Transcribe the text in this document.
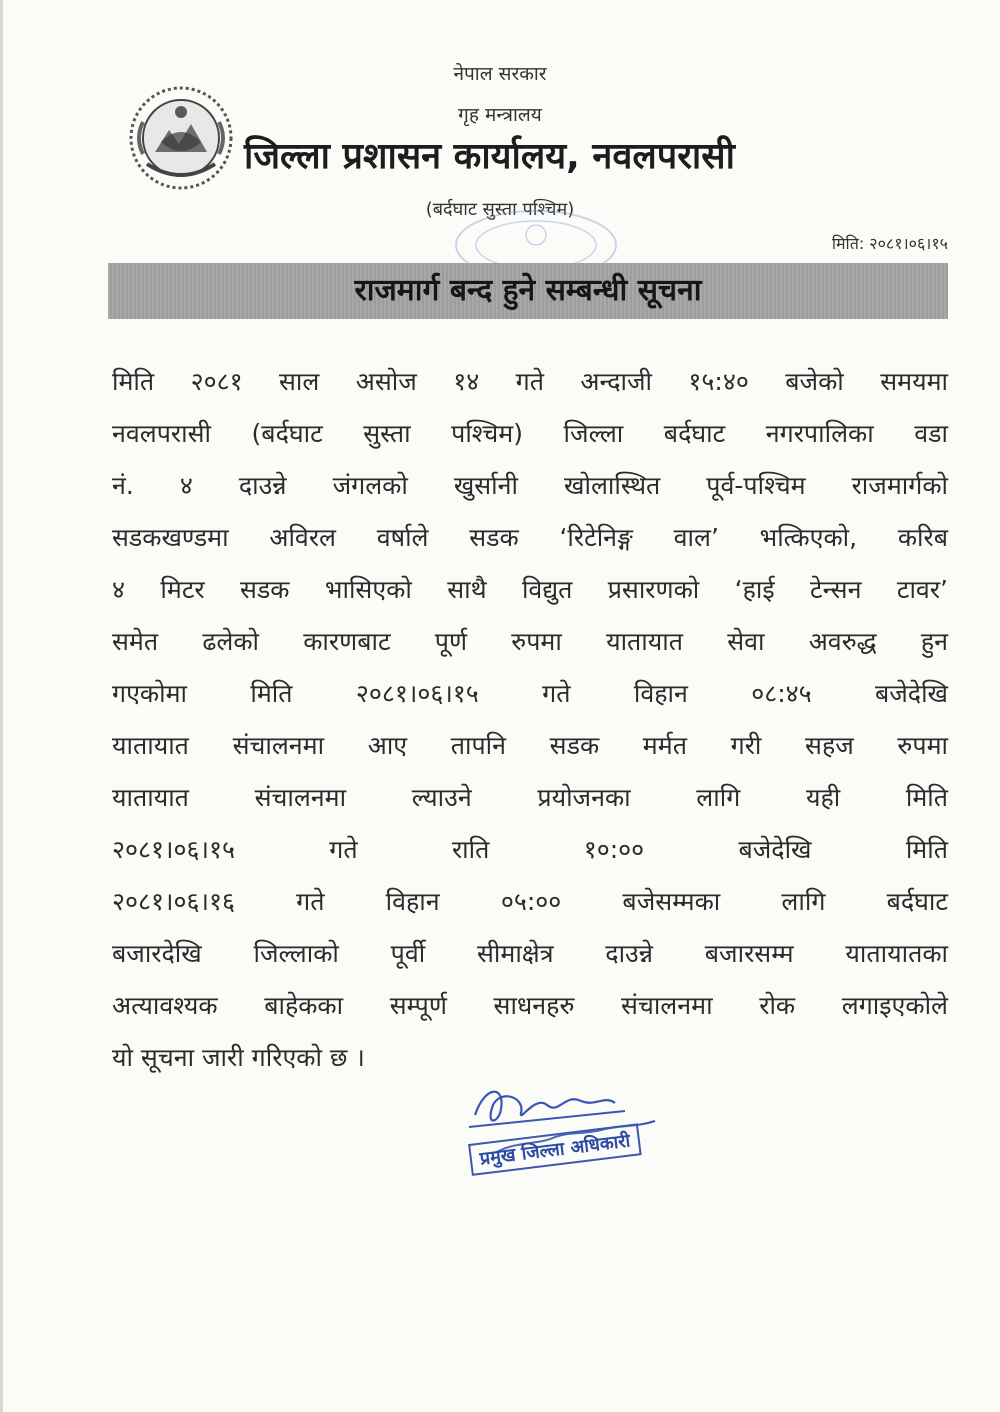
नेपाल सरकार
गृह मन्त्रालय
जिल्ला प्रशासन कार्यालय, नवलपरासी
(बर्दघाट सुस्ता पश्चिम)
मिति: २०८१।०६।१५
राजमार्ग बन्द हुने सम्बन्धी सूचना
मिति २०८१ साल असोज १४ गते अन्दाजी १५:४० बजेको समयमा
नवलपरासी (बर्दघाट सुस्ता पश्चिम) जिल्ला बर्दघाट नगरपालिका वडा
नं. ४ दाउन्ने जंगलको खुर्सानी खोलास्थित पूर्व-पश्चिम राजमार्गको
सडकखण्डमा अविरल वर्षाले सडक ‘रिटेनिङ्ग वाल’ भत्किएको, करिब
४ मिटर सडक भासिएको साथै विद्युत प्रसारणको ‘हाई टेन्सन टावर’
समेत ढलेको कारणबाट पूर्ण रुपमा यातायात सेवा अवरुद्ध हुन
गएकोमा मिति २०८१।०६।१५ गते विहान ०८:४५ बजेदेखि
यातायात संचालनमा आए तापनि सडक मर्मत गरी सहज रुपमा
यातायात संचालनमा ल्याउने प्रयोजनका लागि यही मिति
२०८१।०६।१५ गते राति १०:०० बजेदेखि मिति
२०८१।०६।१६ गते विहान ०५:०० बजेसम्मका लागि बर्दघाट
बजारदेखि जिल्लाको पूर्वी सीमाक्षेत्र दाउन्ने बजारसम्म यातायातका
अत्यावश्यक बाहेकका सम्पूर्ण साधनहरु संचालनमा रोक लगाइएकोले
यो सूचना जारी गरिएको छ ।
प्रमुख जिल्ला अधिकारी
